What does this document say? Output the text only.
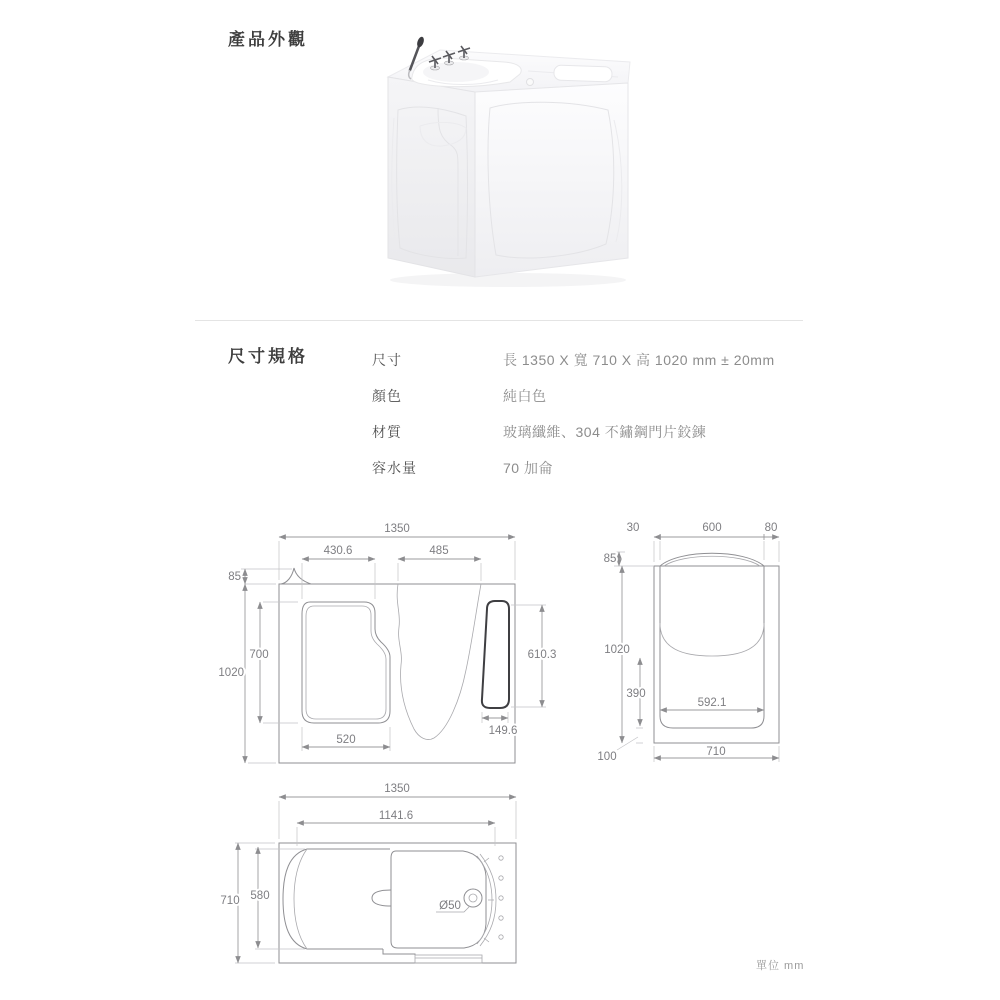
產品外觀
尺寸規格	尺寸	長 1350 X 寬 710 X 高 1020 mm ± 20mm
顏色	純白色
材質	玻璃纖維、304 不鏽鋼門片鉸鍊
容水量	70 加侖
1350
430.6	485
85
1020
700
520
610.3
149.6
30	600	80
85
1020
390
592.1
100	710
1350
1141.6
710 580
Ø50
單位 mm
